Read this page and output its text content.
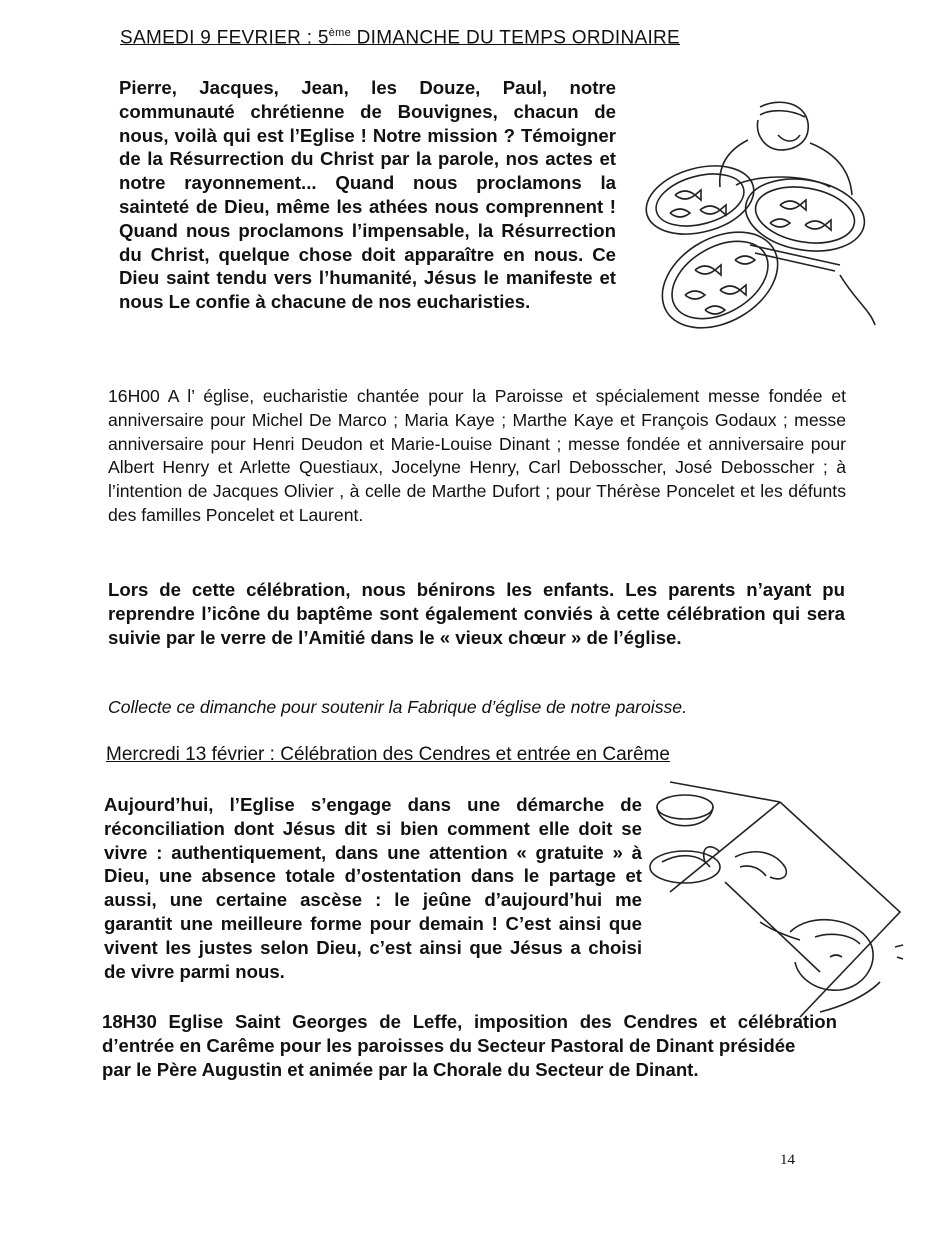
SAMEDI 9 FEVRIER : 5ème DIMANCHE DU TEMPS ORDINAIRE
Pierre, Jacques, Jean, les Douze, Paul, notre communauté chrétienne de Bouvignes, chacun de nous, voilà qui est l’Eglise ! Notre mission ? Témoigner de la Résurrection du Christ par la parole, nos actes et notre rayonnement... Quand nous proclamons la sainteté de Dieu, même les athées nous comprennent ! Quand nous proclamons l’impensable, la Résurrection du Christ, quelque chose doit apparaître en nous. Ce Dieu saint tendu vers l’humanité, Jésus le manifeste et nous Le confie à chacune de nos eucharisties.
16H00 A l’ église, eucharistie chantée pour la Paroisse et spécialement messe fondée et anniversaire pour Michel De Marco ; Maria Kaye ; Marthe Kaye et François Godaux ; messe anniversaire pour Henri Deudon et Marie-Louise Dinant ; messe fondée et anniversaire pour Albert Henry et Arlette Questiaux, Jocelyne Henry, Carl Debosscher, José Debosscher ; à l’intention de Jacques Olivier , à celle de Marthe Dufort ; pour Thérèse Poncelet et les défunts des familles Poncelet et Laurent.
Lors de cette célébration, nous bénirons les enfants. Les parents n’ayant pu reprendre l’icône du baptême sont également conviés à cette célébration qui sera suivie par le verre de l’Amitié dans le « vieux chœur » de l’église.
Collecte ce dimanche pour soutenir la Fabrique d’église de notre paroisse.
Mercredi 13 février : Célébration des Cendres et entrée en Carême
Aujourd’hui, l’Eglise s’engage dans une démarche de réconciliation dont Jésus dit si bien comment elle doit se vivre : authentiquement, dans une attention « gratuite » à Dieu, une absence totale d’ostentation dans le partage et aussi, une certaine ascèse : le jeûne d’aujourd’hui me garantit une meilleure forme pour demain ! C’est ainsi que vivent les justes selon Dieu, c’est ainsi que Jésus a choisi de vivre parmi nous.
18H30 Eglise Saint Georges de Leffe, imposition des Cendres et célébration d’entrée en Carême pour les paroisses du Secteur Pastoral de Dinant présidée
par le Père Augustin et animée par la Chorale du Secteur de Dinant.
14
